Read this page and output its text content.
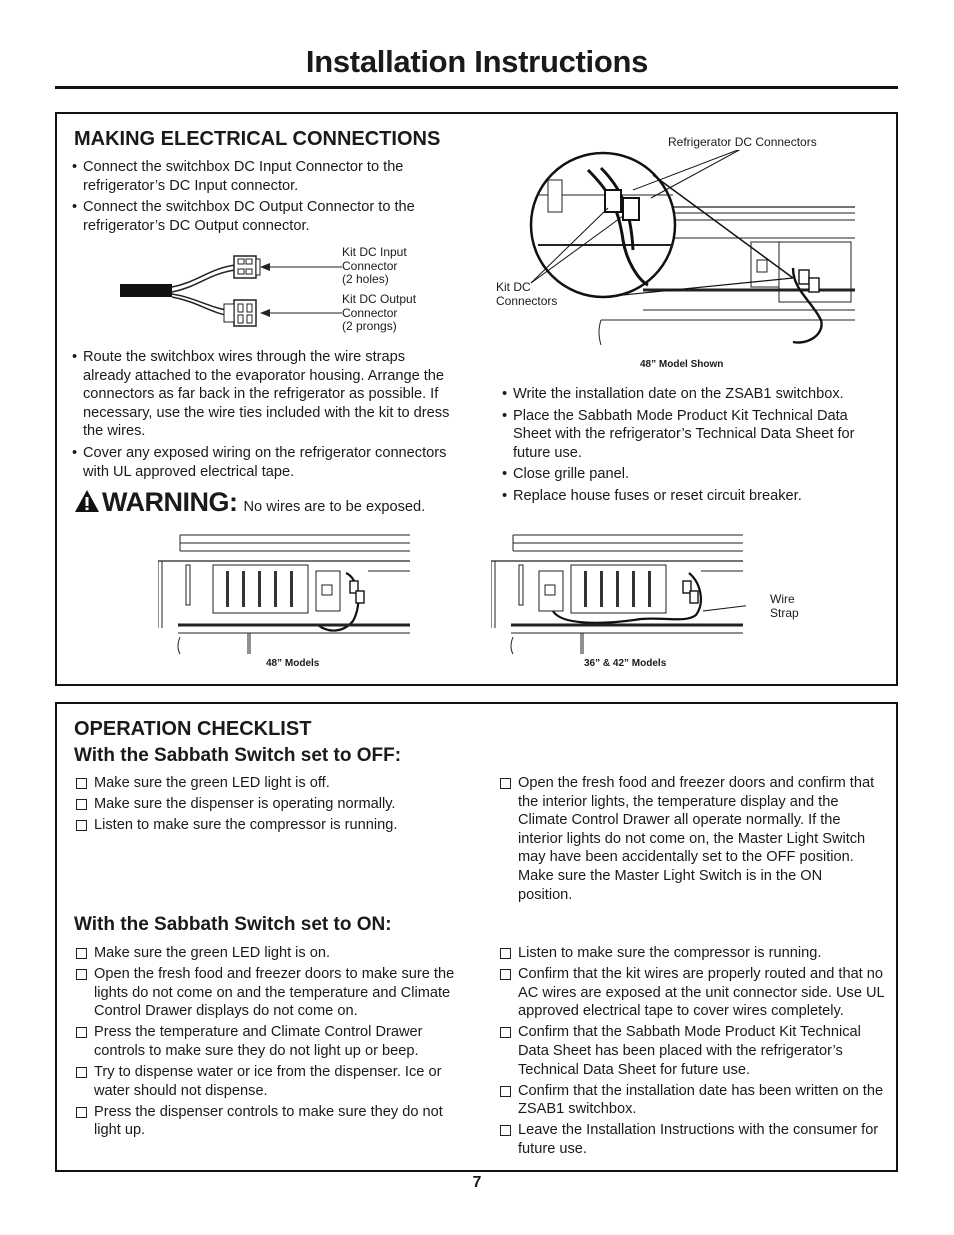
Installation Instructions
MAKING ELECTRICAL CONNECTIONS
• Connect the switchbox DC Input Connector to the refrigerator’s DC Input connector.
• Connect the switchbox DC Output Connector to the refrigerator’s DC Output connector.
Kit DC Input
Connector
(2 holes)
Kit DC Output
Connector
(2 prongs)
• Route the switchbox wires through the wire straps already attached to the evaporator housing. Arrange the connectors as far back in the refrigerator as possible. If necessary, use the wire ties included with the kit to dress the wires.
• Cover any exposed wiring on the refrigerator connectors with UL approved electrical tape.
WARNING: No wires are to be exposed.
Refrigerator DC Connectors
Kit DC
Connectors
48” Model Shown
• Write the installation date on the ZSAB1 switchbox.
• Place the Sabbath Mode Product Kit Technical Data Sheet with the refrigerator’s Technical Data Sheet for future use.
• Close grille panel.
• Replace house fuses or reset circuit breaker.
48” Models
Wire
Strap
36” & 42” Models
OPERATION CHECKLIST
With the Sabbath Switch set to OFF:
Make sure the green LED light is off.
Make sure the dispenser is operating normally.
Listen to make sure the compressor is running.
Open the fresh food and freezer doors and confirm that the interior lights, the temperature display and the Climate Control Drawer all operate normally. If the interior lights do not come on, the Master Light Switch may have been accidentally set to the OFF position. Make sure the Master Light Switch is in the ON position.
With the Sabbath Switch set to ON:
Make sure the green LED light is on.
Open the fresh food and freezer doors to make sure the lights do not come on and the temperature and Climate Control Drawer displays do not come on.
Press the temperature and Climate Control Drawer controls to make sure they do not light up or beep.
Try to dispense water or ice from the dispenser. Ice or water should not dispense.
Press the dispenser controls to make sure they do not light up.
Listen to make sure the compressor is running.
Confirm that the kit wires are properly routed and that no AC wires are exposed at the unit connector side. Use UL approved electrical tape to cover wires completely.
Confirm that the Sabbath Mode Product Kit Technical Data Sheet has been placed with the refrigerator’s Technical Data Sheet for future use.
Confirm that the installation date has been written on the ZSAB1 switchbox.
Leave the Installation Instructions with the consumer for future use.
7
